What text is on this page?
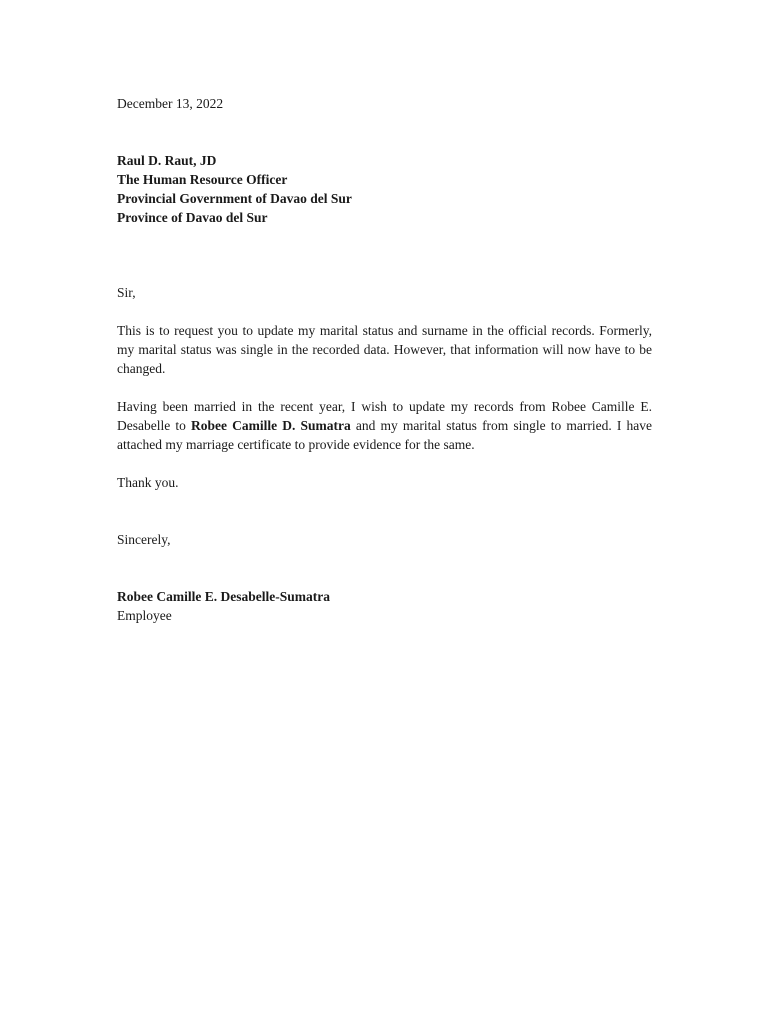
December 13, 2022
Raul D. Raut, JD
The Human Resource Officer
Provincial Government of Davao del Sur
Province of Davao del Sur
Sir,

This is to request you to update my marital status and surname in the official records. Formerly, my marital status was single in the recorded data. However, that information will now have to be changed.

Having been married in the recent year, I wish to update my records from Robee Camille E. Desabelle to Robee Camille D. Sumatra and my marital status from single to married. I have attached my marriage certificate to provide evidence for the same.

Thank you.
Sincerely,
Robee Camille E. Desabelle-Sumatra
Employee
